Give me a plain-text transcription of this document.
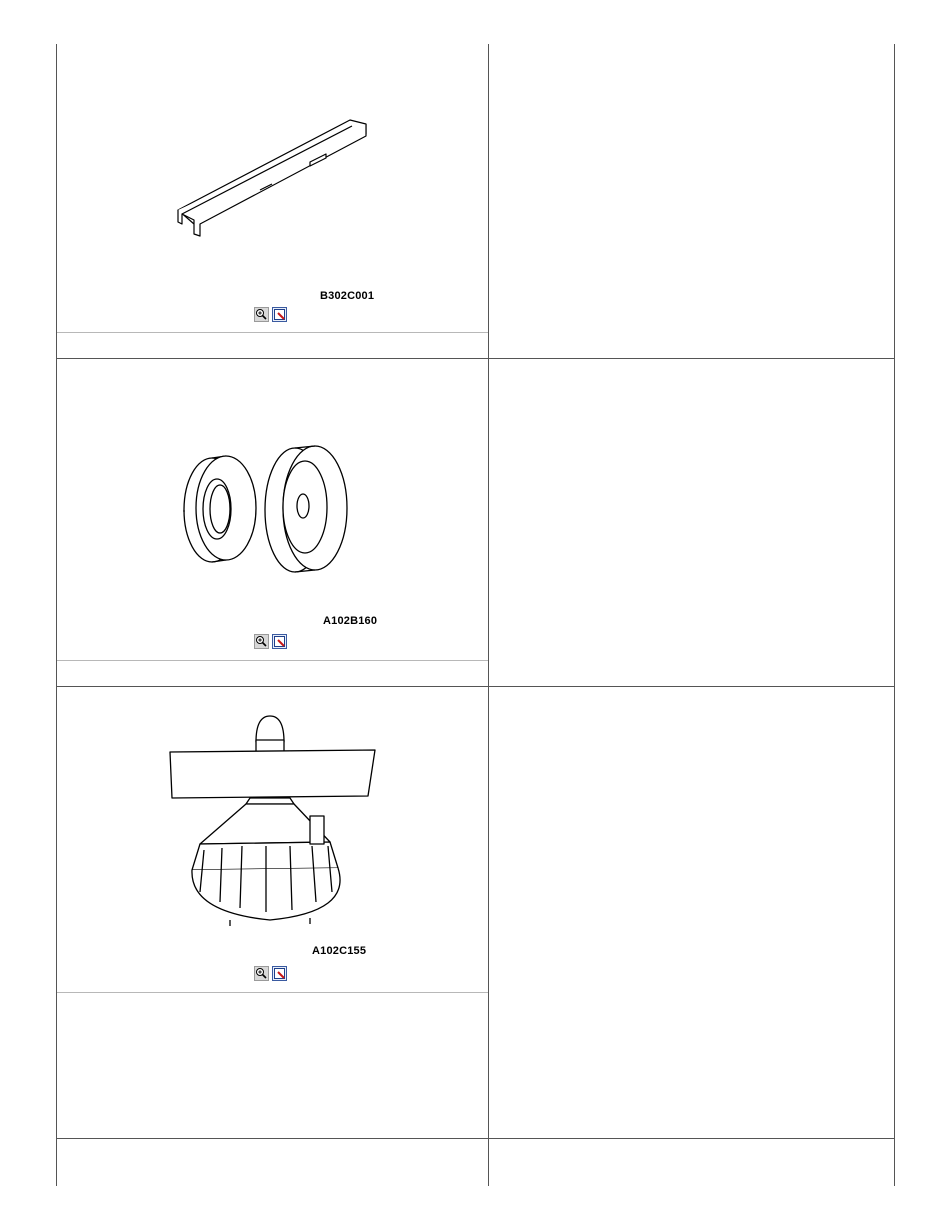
B302C001
A102B160
A102C155
